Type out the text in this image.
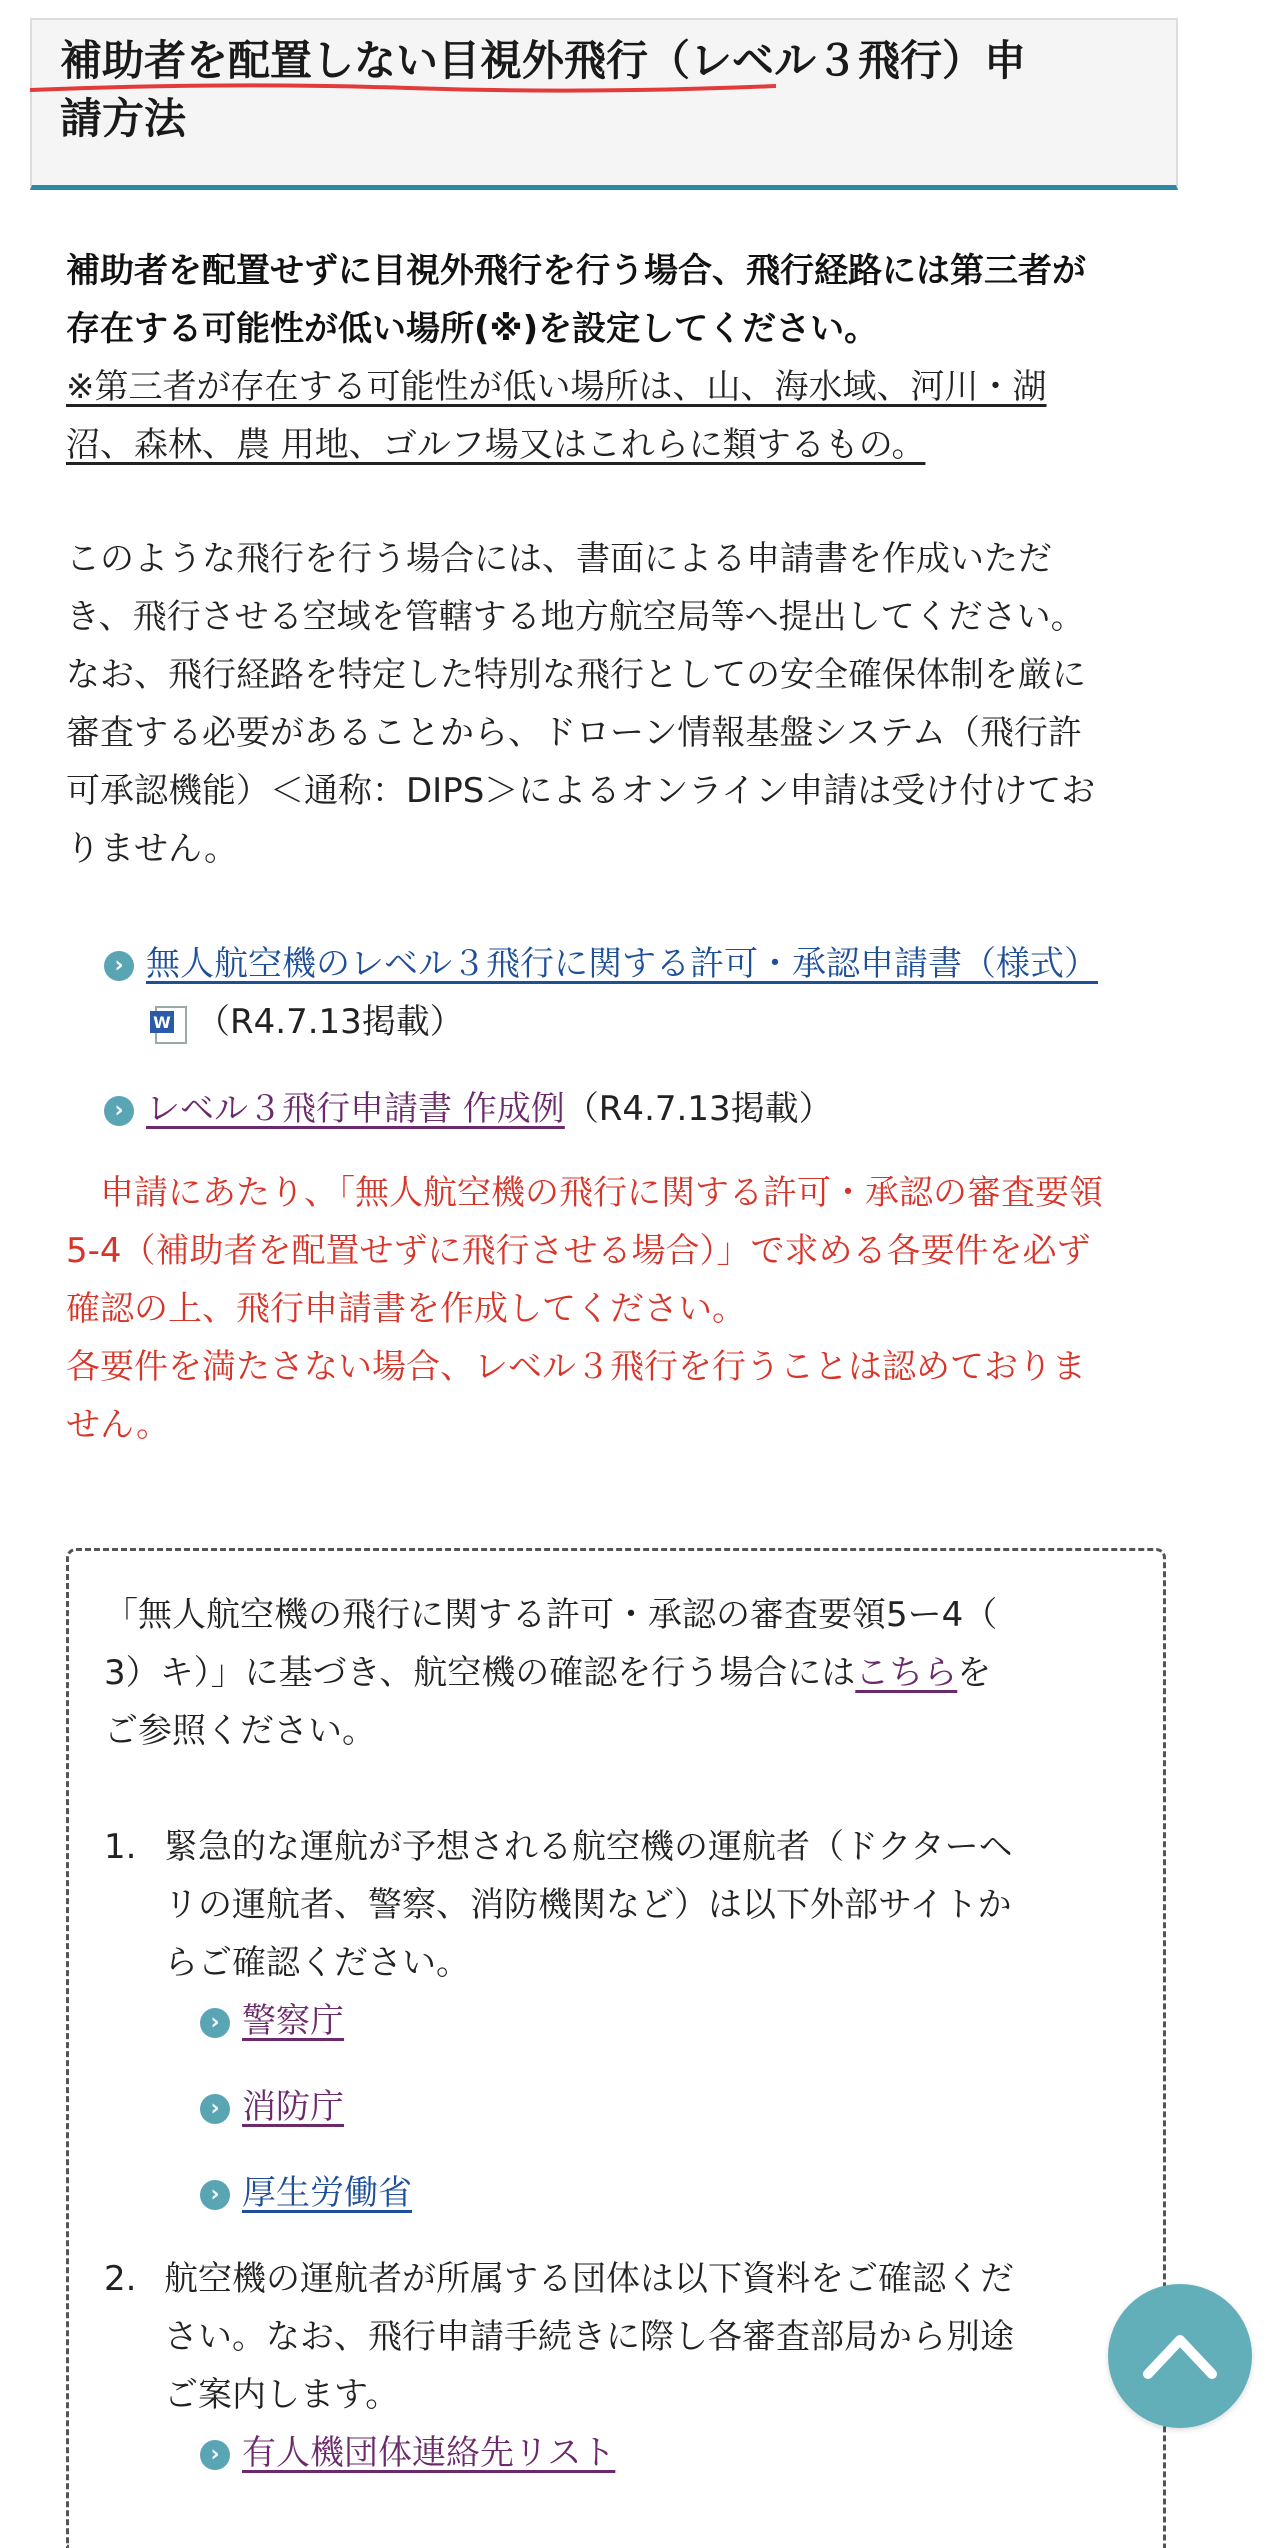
補助者を配置しない目視外飛行（レベル３飛行）申
請方法

補助者を配置せずに目視外飛行を行う場合、飛行経路には第三者が
存在する可能性が低い場所(※)を設定してください。

※第三者が存在する可能性が低い場所は、山、海水域、河川・湖
沼、森林、農 用地、ゴルフ場又はこれらに類するもの。

このような飛行を行う場合には、書面による申請書を作成いただ
き、飛行させる空域を管轄する地方航空局等へ提出してください。
なお、飛行経路を特定した特別な飛行としての安全確保体制を厳に
審査する必要があることから、ドローン情報基盤システム（飛行許
可承認機能）＜通称：DIPS＞によるオンライン申請は受け付けてお
りません。

› 無人航空機のレベル３飛行に関する許可・承認申請書（様式）
W （R4.7.13掲載）
› レベル３飛行申請書 作成例（R4.7.13掲載）

　申請にあたり、「無人航空機の飛行に関する許可・承認の審査要領
5-4（補助者を配置せずに飛行させる場合）」で求める各要件を必ず
確認の上、飛行申請書を作成してください。
各要件を満たさない場合、レベル３飛行を行うことは認めておりま
せん。

「無人航空機の飛行に関する許可・承認の審査要領5ー4（
3）キ）」に基づき、航空機の確認を行う場合にはこちらを
ご参照ください。

1. 緊急的な運航が予想される航空機の運航者（ドクターヘ
リの運航者、警察、消防機関など）は以下外部サイトか
らご確認ください。

› 警察庁
› 消防庁
› 厚生労働省
2. 航空機の運航者が所属する団体は以下資料をご確認くだ
さい。なお、飛行申請手続きに際し各審査部局から別途
ご案内します。

› 有人機団体連絡先リスト
